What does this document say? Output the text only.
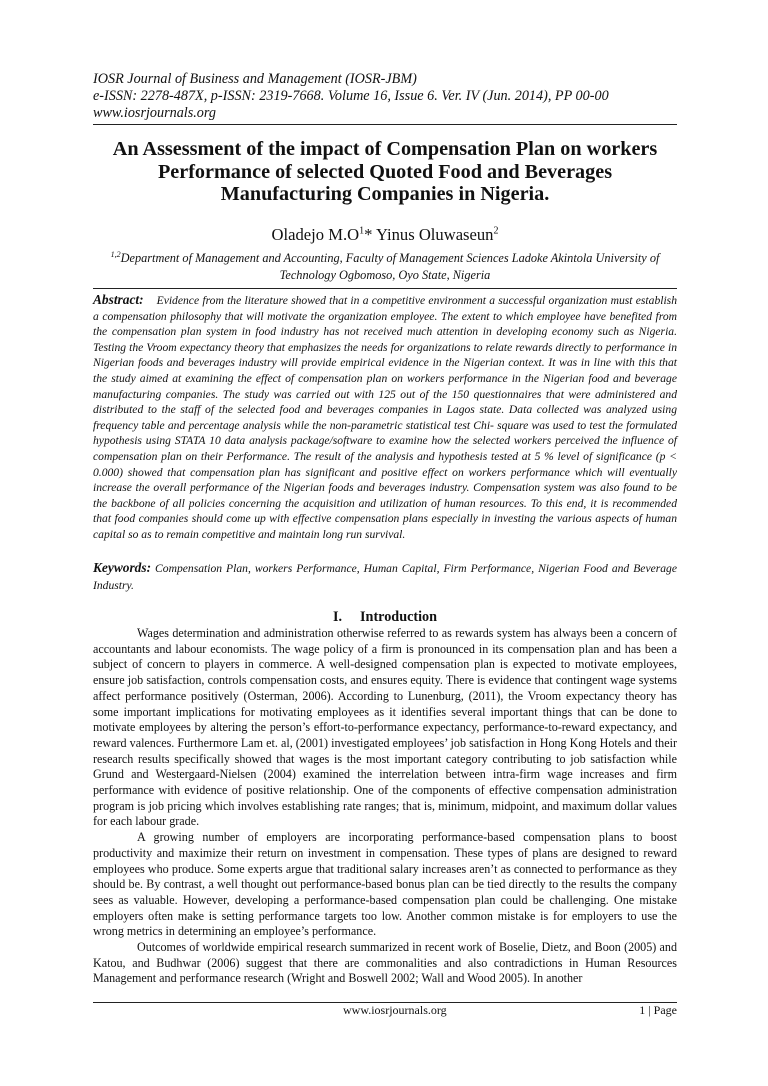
IOSR Journal of Business and Management (IOSR-JBM)
e-ISSN: 2278-487X, p-ISSN: 2319-7668. Volume 16, Issue 6. Ver. IV (Jun. 2014), PP 00-00
www.iosrjournals.org
An Assessment of the impact of Compensation Plan on workers
Performance of selected Quoted Food and Beverages
Manufacturing Companies in Nigeria.
Oladejo $M.O^1*$ Yinus Oluwaseun$^2$
$^{1,2}$Department of Management and Accounting, Faculty of Management Sciences Ladoke Akintola University of
Technology Ogbomoso, Oyo State, Nigeria
Abstract: Evidence from the literature showed that in a competitive environment a successful organization must establish a compensation philosophy that will motivate the organization employee. The extent to which employee have benefited from the compensation plan system in food industry has not received much attention in developing economy such as Nigeria. Testing the Vroom expectancy theory that emphasizes the needs for organizations to relate rewards directly to performance in Nigerian foods and beverages industry will provide empirical evidence in the Nigerian context. It was in line with this that the study aimed at examining the effect of compensation plan on workers performance in the Nigerian food and beverage manufacturing companies. The study was carried out with 125 out of the 150 questionnaires that were administered and distributed to the staff of the selected food and beverages companies in Lagos state. Data collected was analyzed using frequency table and percentage analysis while the non-parametric statistical test Chi- square was used to test the formulated hypothesis using STATA 10 data analysis package/software to examine how the selected workers perceived the influence of compensation plan on their Performance. The result of the analysis and hypothesis tested at 5 % level of significance (p < 0.000) showed that compensation plan has significant and positive effect on workers performance which will eventually increase the overall performance of the Nigerian foods and beverages industry. Compensation system was also found to be the backbone of all policies concerning the acquisition and utilization of human resources. To this end, it is recommended that food companies should come up with effective compensation plans especially in investing the various aspects of human capital so as to remain competitive and maintain long run survival.
Keywords: Compensation Plan, workers Performance, Human Capital, Firm Performance, Nigerian Food and Beverage Industry.
I. Introduction

Wages determination and administration otherwise referred to as rewards system has always been a concern of accountants and labour economists. The wage policy of a firm is pronounced in its compensation plan and has been a subject of concern to players in commerce. A well-designed compensation plan is expected to motivate employees, ensure job satisfaction, controls compensation costs, and ensures equity. There is evidence that contingent wage systems affect performance positively (Osterman, 2006). According to Lunenburg, (2011), the Vroom expectancy theory has some important implications for motivating employees as it identifies several important things that can be done to motivate employees by altering the person’s effort-to-performance expectancy, performance-to-reward expectancy, and reward valences. Furthermore Lam et. al, (2001) investigated employees’ job satisfaction in Hong Kong Hotels and their research results specifically showed that wages is the most important category contributing to job satisfaction while Grund and Westergaard-Nielsen (2004) examined the interrelation between intra-firm wage increases and firm performance with evidence of positive relationship. One of the components of effective compensation administration program is job pricing which involves establishing rate ranges; that is, minimum, midpoint, and maximum dollar values for each labour grade.

A growing number of employers are incorporating performance-based compensation plans to boost productivity and maximize their return on investment in compensation. These types of plans are designed to reward employees who produce. Some experts argue that traditional salary increases aren’t as connected to performance as they should be. By contrast, a well thought out performance-based bonus plan can be tied directly to the results the company sees as valuable. However, developing a performance-based compensation plan could be challenging. One mistake employers often make is setting performance targets too low. Another common mistake is for employers to use the wrong metrics in determining an employee’s performance.

Outcomes of worldwide empirical research summarized in recent work of Boselie, Dietz, and Boon (2005) and Katou, and Budhwar (2006) suggest that there are commonalities and also contradictions in Human Resources Management and performance research (Wright and Boswell 2002; Wall and Wood 2005). In another

www.iosrjournals.org	1 | Page
